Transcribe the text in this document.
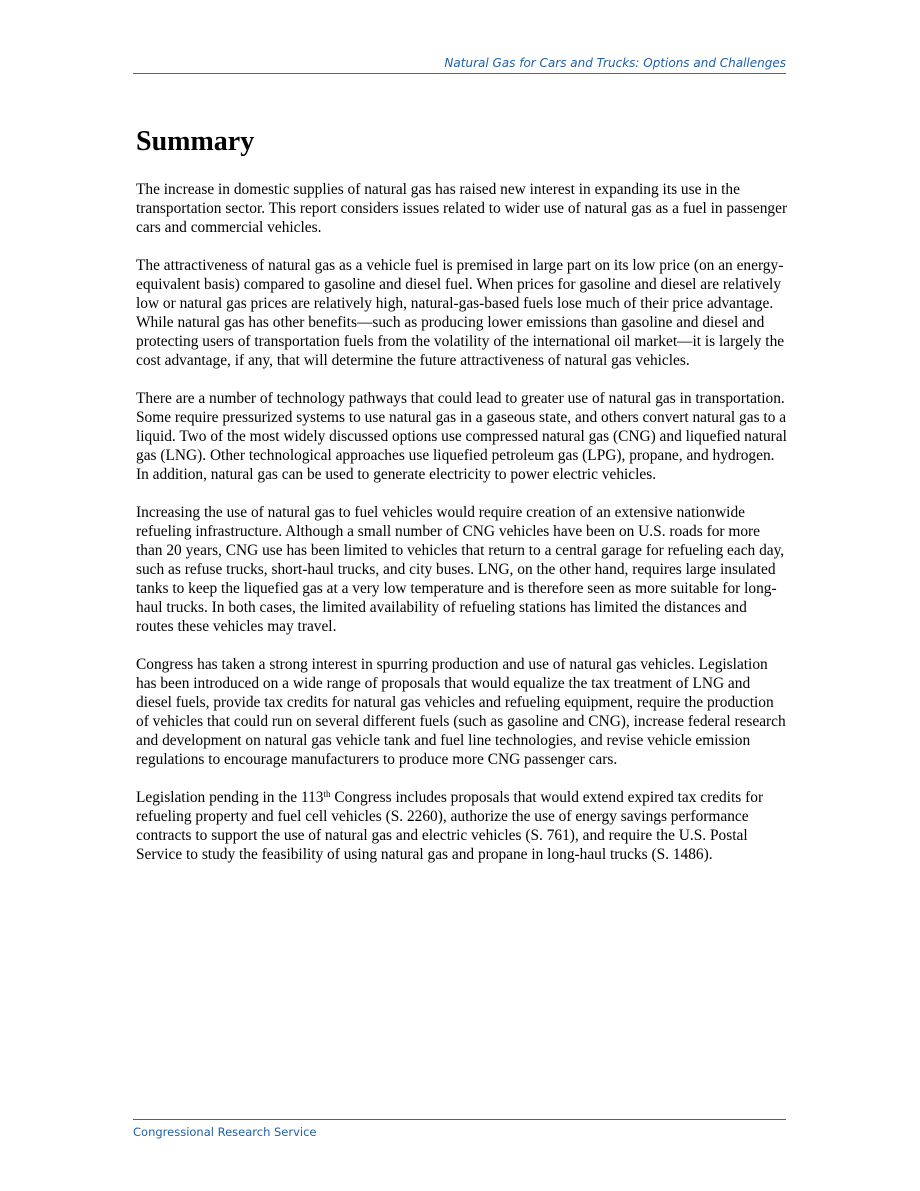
Natural Gas for Cars and Trucks: Options and Challenges
Summary

The increase in domestic supplies of natural gas has raised new interest in expanding its use in the transportation sector. This report considers issues related to wider use of natural gas as a fuel in passenger cars and commercial vehicles.

The attractiveness of natural gas as a vehicle fuel is premised in large part on its low price (on an energy-equivalent basis) compared to gasoline and diesel fuel. When prices for gasoline and diesel are relatively low or natural gas prices are relatively high, natural-gas-based fuels lose much of their price advantage. While natural gas has other benefits—such as producing lower emissions than gasoline and diesel and protecting users of transportation fuels from the volatility of the international oil market—it is largely the cost advantage, if any, that will determine the future attractiveness of natural gas vehicles.

There are a number of technology pathways that could lead to greater use of natural gas in transportation. Some require pressurized systems to use natural gas in a gaseous state, and others convert natural gas to a liquid. Two of the most widely discussed options use compressed natural gas (CNG) and liquefied natural gas (LNG). Other technological approaches use liquefied petroleum gas (LPG), propane, and hydrogen. In addition, natural gas can be used to generate electricity to power electric vehicles.

Increasing the use of natural gas to fuel vehicles would require creation of an extensive nationwide refueling infrastructure. Although a small number of CNG vehicles have been on U.S. roads for more than 20 years, CNG use has been limited to vehicles that return to a central garage for refueling each day, such as refuse trucks, short-haul trucks, and city buses. LNG, on the other hand, requires large insulated tanks to keep the liquefied gas at a very low temperature and is therefore seen as more suitable for long-haul trucks. In both cases, the limited availability of refueling stations has limited the distances and routes these vehicles may travel.

Congress has taken a strong interest in spurring production and use of natural gas vehicles. Legislation has been introduced on a wide range of proposals that would equalize the tax treatment of LNG and diesel fuels, provide tax credits for natural gas vehicles and refueling equipment, require the production of vehicles that could run on several different fuels (such as gasoline and CNG), increase federal research and development on natural gas vehicle tank and fuel line technologies, and revise vehicle emission regulations to encourage manufacturers to produce more CNG passenger cars.

Legislation pending in the 113th Congress includes proposals that would extend expired tax credits for refueling property and fuel cell vehicles (S. 2260), authorize the use of energy savings performance contracts to support the use of natural gas and electric vehicles (S. 761), and require the U.S. Postal Service to study the feasibility of using natural gas and propane in long-haul trucks (S. 1486).

Congressional Research Service
